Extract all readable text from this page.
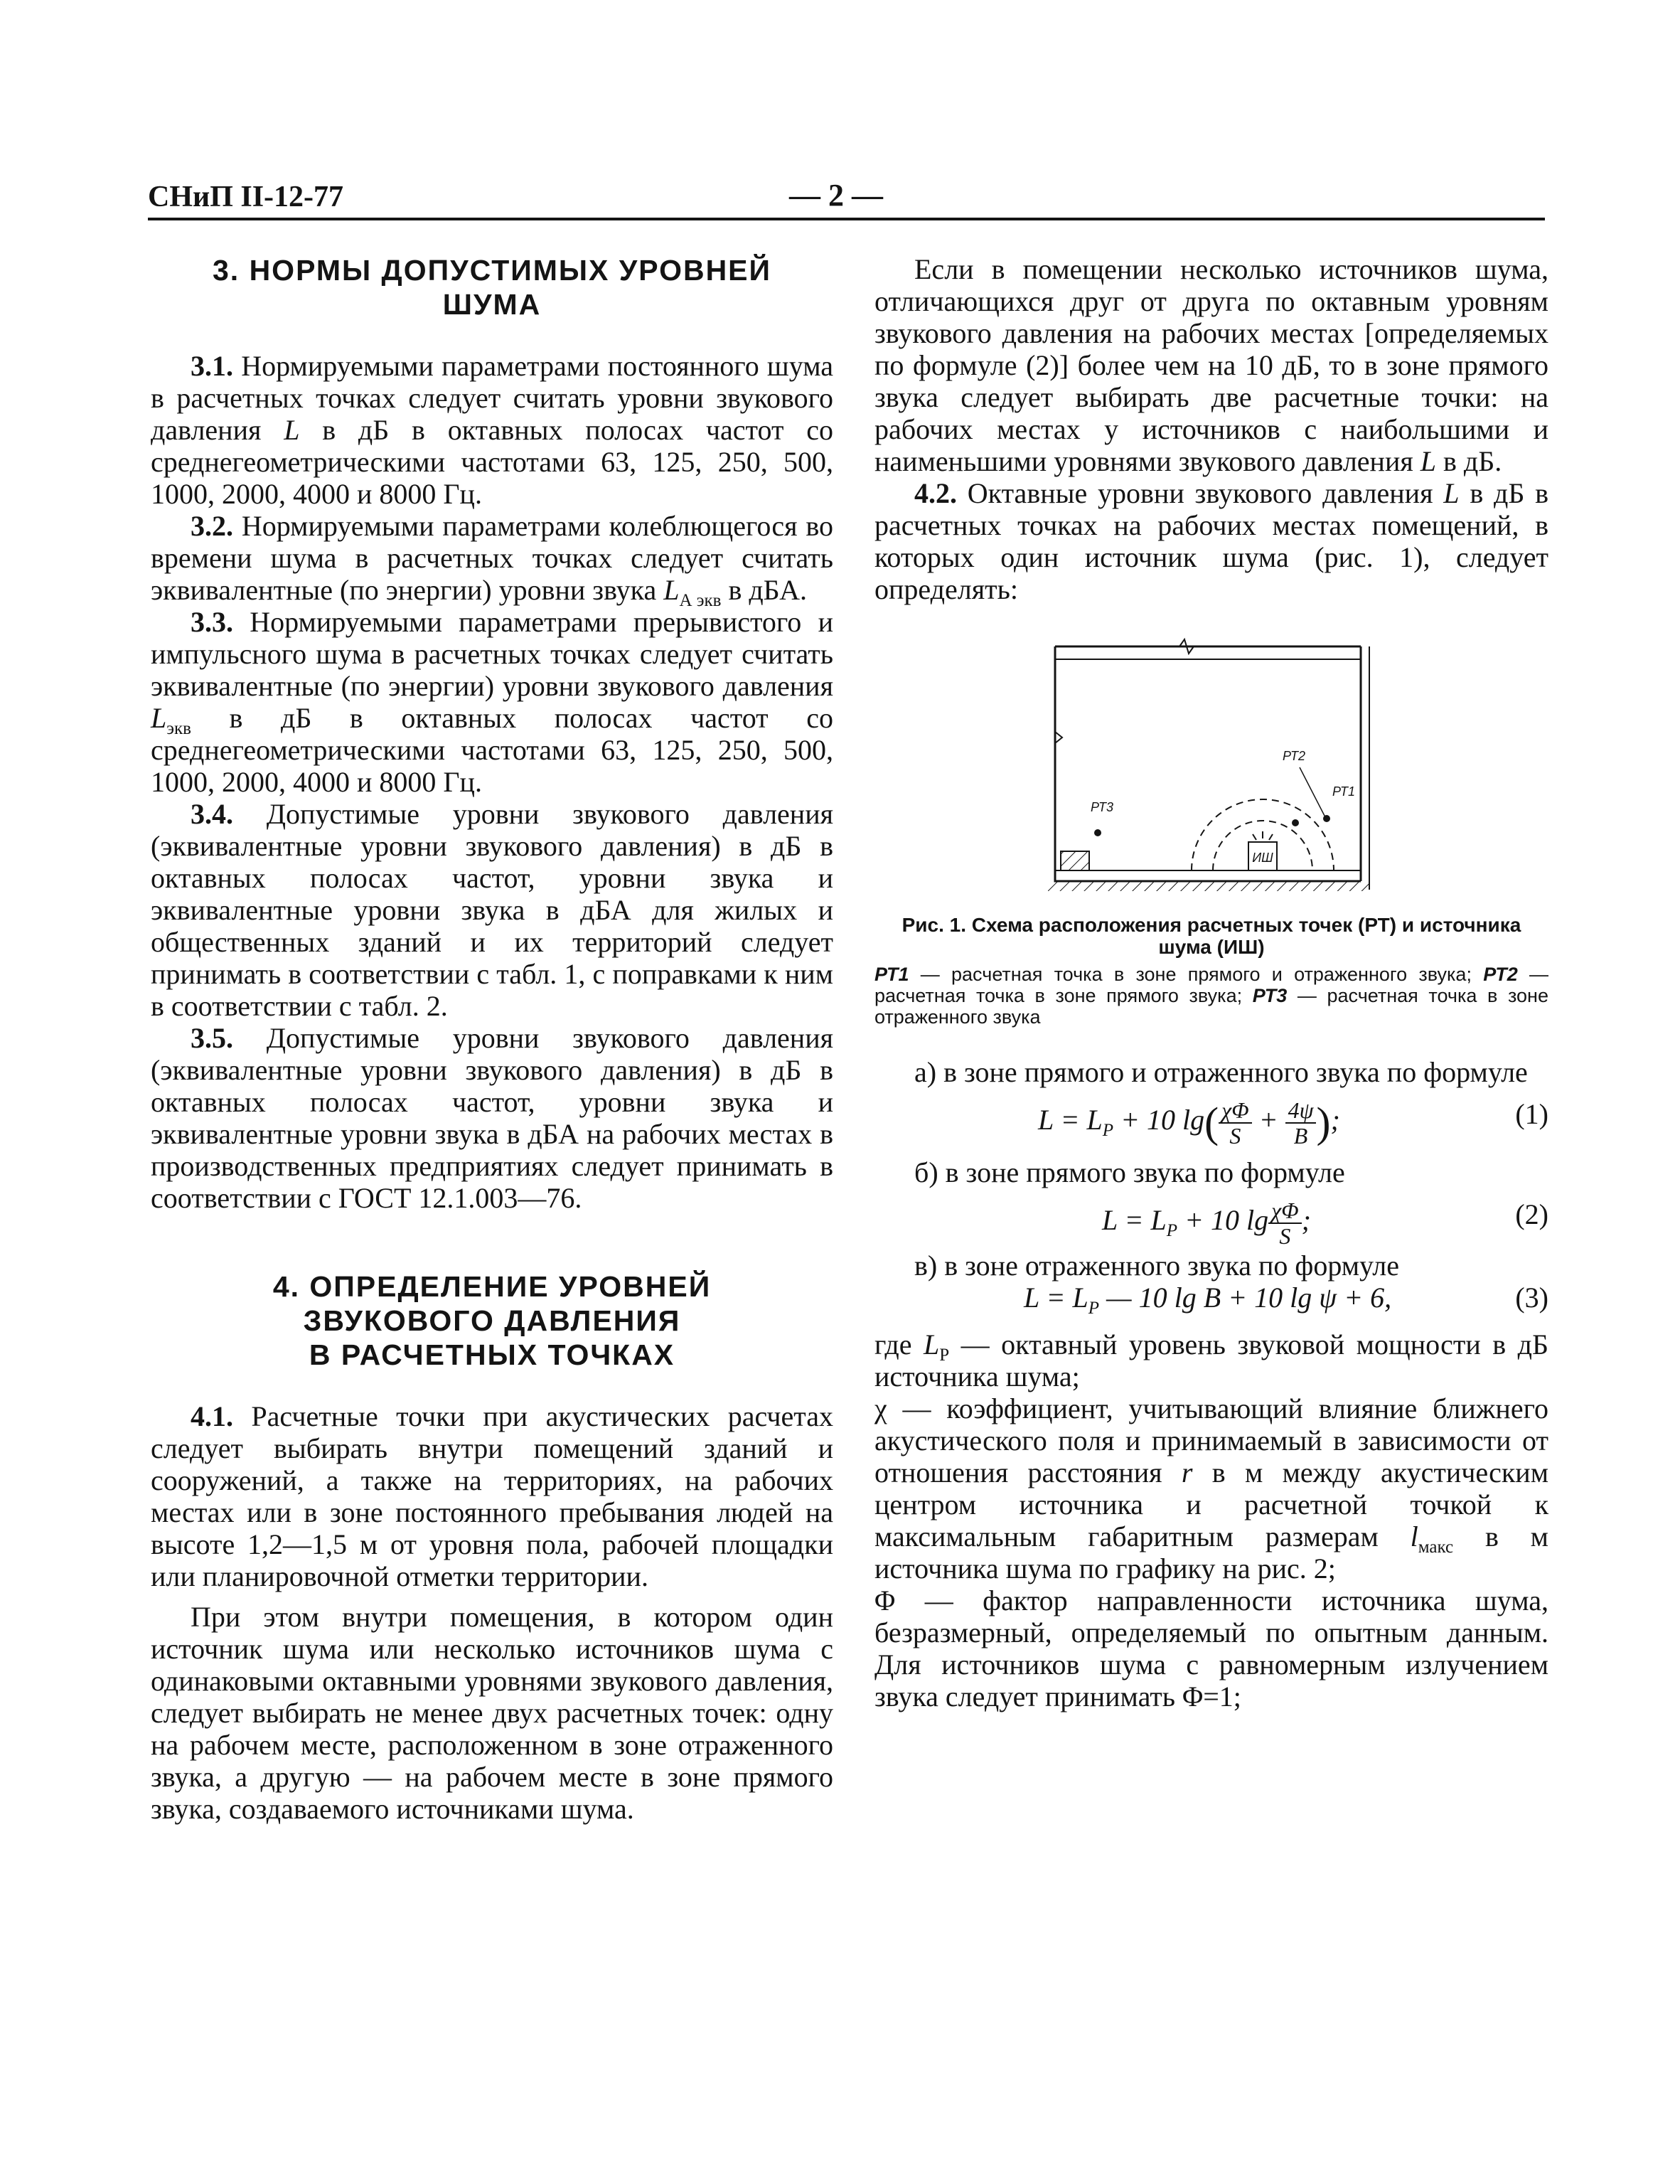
СНиП II-12-77	— 2 —
3. НОРМЫ ДОПУСТИМЫХ УРОВНЕЙ
ШУМА

3.1. Нормируемыми параметрами постоянного шума в расчетных точках следует считать уровни звукового давления L в дБ в октавных полосах частот со среднегеометрическими частотами 63, 125, 250, 500, 1000, 2000, 4000 и 8000 Гц.

3.2. Нормируемыми параметрами колеблющегося во времени шума в расчетных точках следует считать эквивалентные (по энергии) уровни звука $L_{А экв}$ в дБА.

3.3. Нормируемыми параметрами прерывистого и импульсного шума в расчетных точках следует считать эквивалентные (по энергии) уровни звукового давления $L_{экв}$ в дБ в октавных полосах частот со среднегеометрическими частотами 63, 125, 250, 500, 1000, 2000, 4000 и 8000 Гц.

3.4. Допустимые уровни звукового давления (эквивалентные уровни звукового давления) в дБ в октавных полосах частот, уровни звука и эквивалентные уровни звука в дБА для жилых и общественных зданий и их территорий следует принимать в соответствии с табл. 1, с поправками к ним в соответствии с табл. 2.

3.5. Допустимые уровни звукового давления (эквивалентные уровни звукового давления) в дБ в октавных полосах частот, уровни звука и эквивалентные уровни звука в дБА на рабочих местах в производственных предприятиях следует принимать в соответствии с ГОСТ 12.1.003—76.

4. ОПРЕДЕЛЕНИЕ УРОВНЕЙ
ЗВУКОВОГО ДАВЛЕНИЯ
В РАСЧЕТНЫХ ТОЧКАХ

4.1. Расчетные точки при акустических расчетах следует выбирать внутри помещений зданий и сооружений, а также на территориях, на рабочих местах или в зоне постоянного пребывания людей на высоте 1,2—1,5 м от уровня пола, рабочей площадки или планировочной отметки территории.

При этом внутри помещения, в котором один источник шума или несколько источников шума с одинаковыми октавными уровнями звукового давления, следует выбирать не менее двух расчетных точек: одну на рабочем месте, расположенном в зоне отраженного звука, а другую — на рабочем месте в зоне прямого звука, создаваемого источниками шума.

Если в помещении несколько источников шума, отличающихся друг от друга по октавным уровням звукового давления на рабочих местах [определяемых по формуле (2)] более чем на 10 дБ, то в зоне прямого звука следует выбирать две расчетные точки: на рабочих местах у источников с наибольшими и наименьшими уровнями звукового давления L в дБ.

4.2. Октавные уровни звукового давления L в дБ в расчетных точках на рабочих местах помещений, в которых один источник шума (рис. 1), следует определять:

ИШ
РТ2
РТ1
РТ3
Рис. 1. Схема расположения расчетных точек (РТ) и источника шума (ИШ)
РТ1 — расчетная точка в зоне прямого и отраженного звука; РТ2 — расчетная точка в зоне прямого звука; РТ3 — расчетная точка в зоне отраженного звука

а) в зоне прямого и отраженного звука по формуле

$L = L_P + 10$ $\lg( \frac{\chi\Phi}{S} + \frac{4\psi}{B}$ );	(1)

б) в зоне прямого звука по формуле

$L = L_P + 10$ $\lg \frac{\chi\Phi}{S}$ ;	(2)

в) в зоне отраженного звука по формуле

$L = L_P$ — 10 lg B + 10 lg ψ + 6,	(3)

где $L_P$ — октавный уровень звуковой мощности в дБ источника шума;

χ — коэффициент, учитывающий влияние ближнего акустического поля и принимаемый в зависимости от отношения расстояния r в м между акустическим центром источника и расчетной точкой к максимальным габаритным размерам $l_{макс}$ в м источника шума по графику на рис. 2;

Φ — фактор направленности источника шума, безразмерный, определяемый по опытным данным. Для источников шума с равномерным излучением звука следует принимать Φ=1;
